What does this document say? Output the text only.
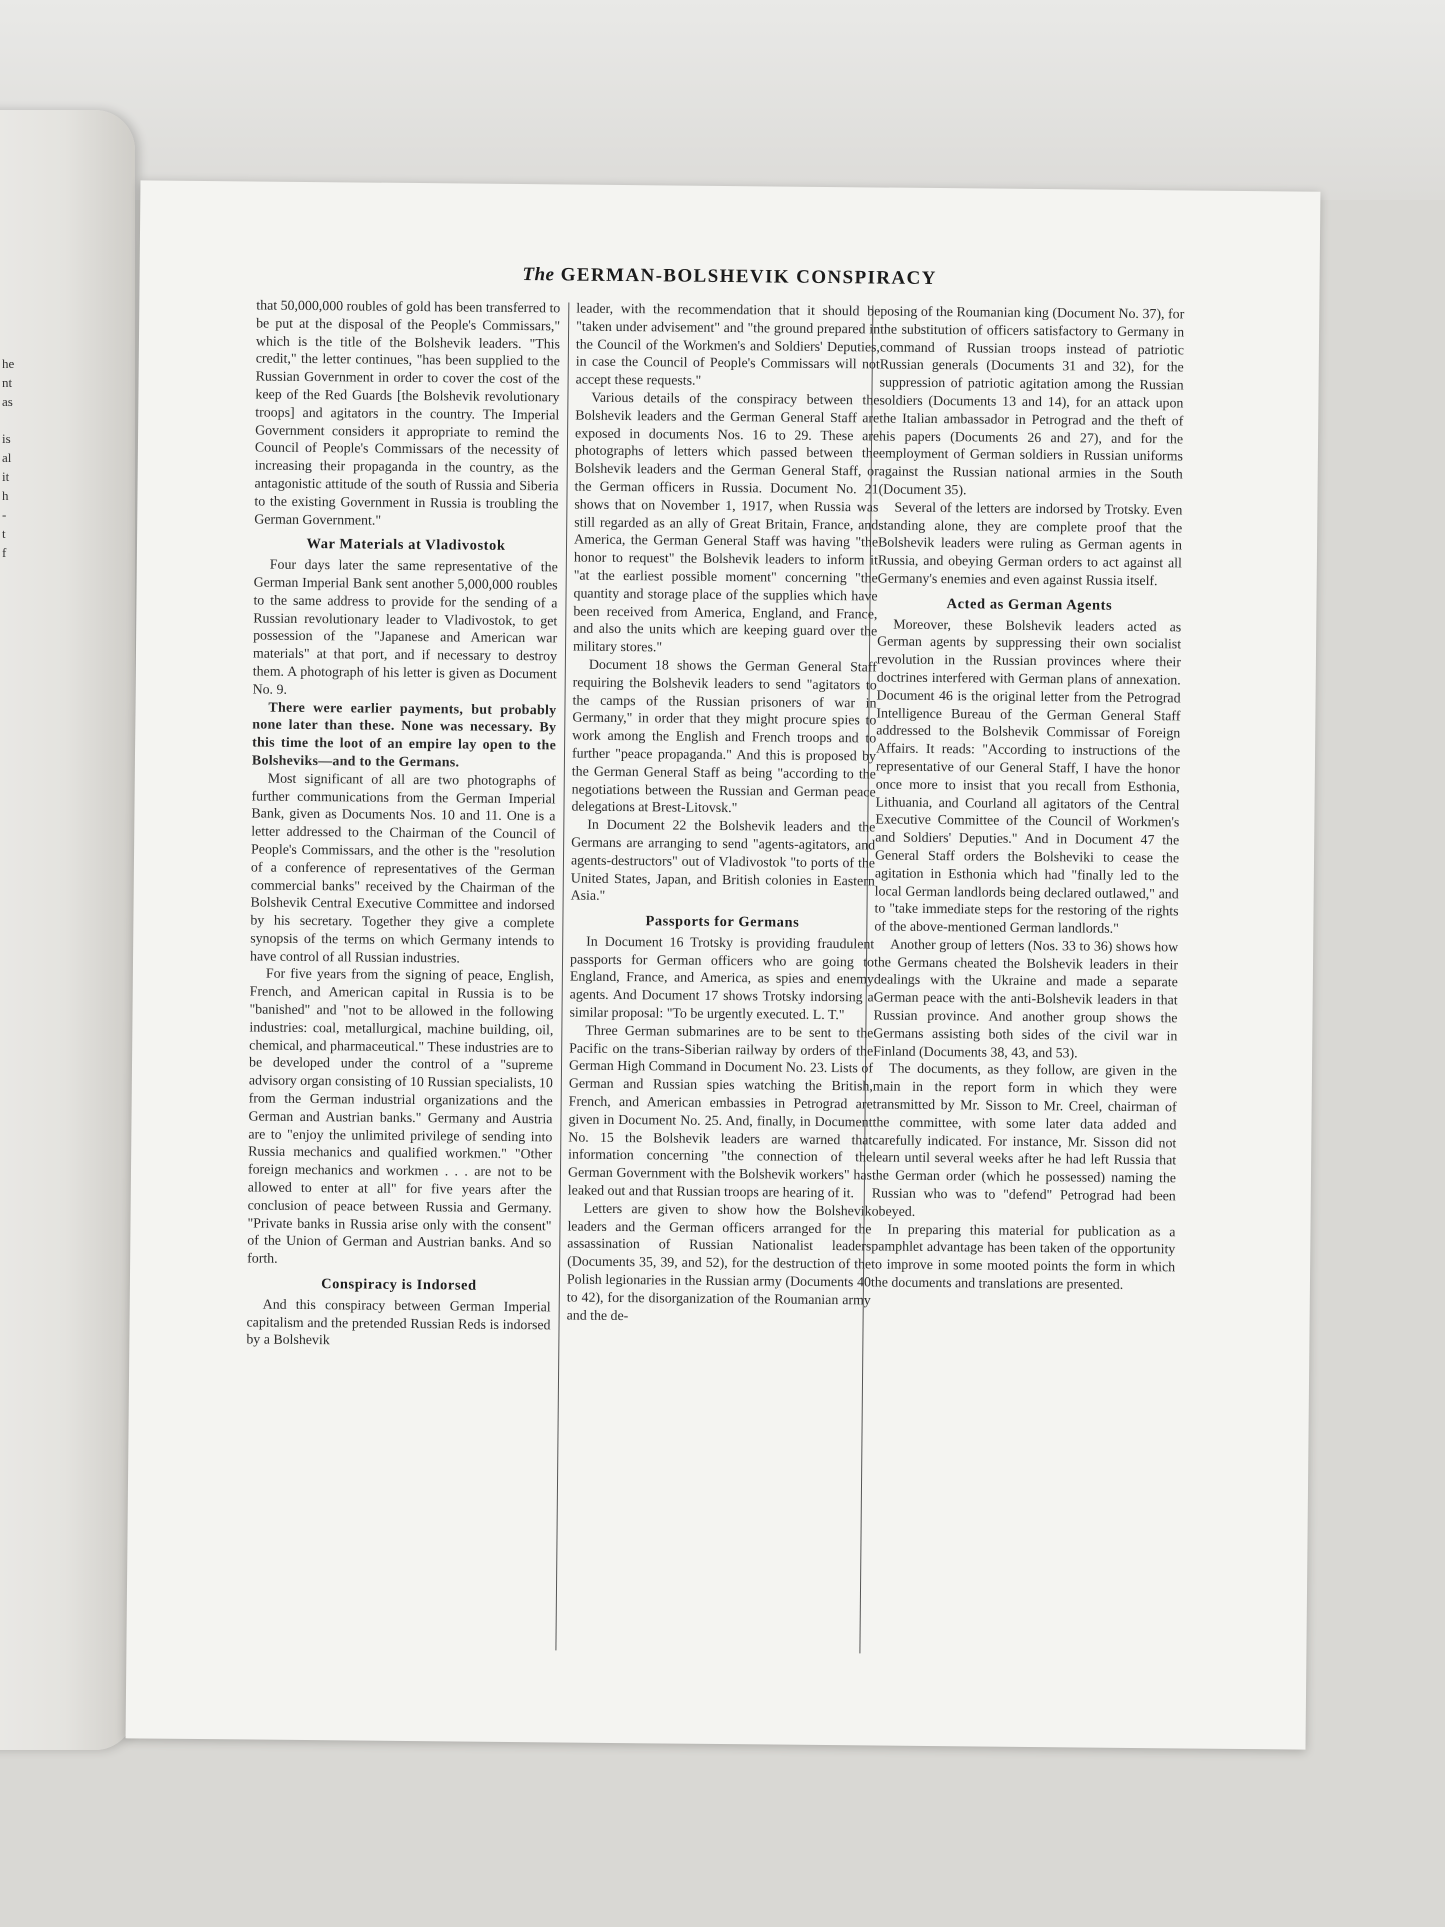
he
nt
as
is
al
it
h
-
t
f
The GERMAN-BOLSHEVIK CONSPIRACY

that 50,000,000 roubles of gold has been transferred to be put at the disposal of the People's Commissars," which is the title of the Bolshevik leaders. "This credit," the letter continues, "has been supplied to the Russian Government in order to cover the cost of the keep of the Red Guards [the Bolshevik revolutionary troops] and agitators in the country. The Imperial Government considers it appropriate to remind the Council of People's Commissars of the necessity of increasing their propaganda in the country, as the antagonistic attitude of the south of Russia and Siberia to the existing Government in Russia is troubling the German Government."

War Materials at Vladivostok

Four days later the same representative of the German Imperial Bank sent another 5,000,000 roubles to the same address to provide for the sending of a Russian revolutionary leader to Vladivostok, to get possession of the "Japanese and American war materials" at that port, and if necessary to destroy them. A photograph of his letter is given as Document No. 9.

There were earlier payments, but probably none later than these. None was necessary. By this time the loot of an empire lay open to the Bolsheviks—and to the Germans.

Most significant of all are two photographs of further communications from the German Imperial Bank, given as Documents Nos. 10 and 11. One is a letter addressed to the Chairman of the Council of People's Commissars, and the other is the "resolution of a conference of representatives of the German commercial banks" received by the Chairman of the Bolshevik Central Executive Committee and indorsed by his secretary. Together they give a complete synopsis of the terms on which Germany intends to have control of all Russian industries.

For five years from the signing of peace, English, French, and American capital in Russia is to be "banished" and "not to be allowed in the following industries: coal, metallurgical, machine building, oil, chemical, and pharmaceutical." These industries are to be developed under the control of a "supreme advisory organ consisting of 10 Russian specialists, 10 from the German industrial organizations and the German and Austrian banks." Germany and Austria are to "enjoy the unlimited privilege of sending into Russia mechanics and qualified workmen." "Other foreign mechanics and workmen . . . are not to be allowed to enter at all" for five years after the conclusion of peace between Russia and Germany. "Private banks in Russia arise only with the consent" of the Union of German and Austrian banks. And so forth.

Conspiracy is Indorsed

And this conspiracy between German Imperial capitalism and the pretended Russian Reds is indorsed by a Bolshevik

leader, with the recommendation that it should be "taken under advisement" and "the ground prepared in the Council of the Workmen's and Soldiers' Deputies, in case the Council of People's Commissars will not accept these requests."

Various details of the conspiracy between the Bolshevik leaders and the German General Staff are exposed in documents Nos. 16 to 29. These are photographs of letters which passed between the Bolshevik leaders and the German General Staff, or the German officers in Russia. Document No. 21 shows that on November 1, 1917, when Russia was still regarded as an ally of Great Britain, France, and America, the German General Staff was having "the honor to request" the Bolshevik leaders to inform it "at the earliest possible moment" concerning "the quantity and storage place of the supplies which have been received from America, England, and France, and also the units which are keeping guard over the military stores."

Document 18 shows the German General Staff requiring the Bolshevik leaders to send "agitators to the camps of the Russian prisoners of war in Germany," in order that they might procure spies to work among the English and French troops and to further "peace propaganda." And this is proposed by the German General Staff as being "according to the negotiations between the Russian and German peace delegations at Brest-Litovsk."

In Document 22 the Bolshevik leaders and the Germans are arranging to send "agents-agitators, and agents-destructors" out of Vladivostok "to ports of the United States, Japan, and British colonies in Eastern Asia."

Passports for Germans

In Document 16 Trotsky is providing fraudulent passports for German officers who are going to England, France, and America, as spies and enemy agents. And Document 17 shows Trotsky indorsing a similar proposal: "To be urgently executed. L. T."

Three German submarines are to be sent to the Pacific on the trans-Siberian railway by orders of the German High Command in Document No. 23. Lists of German and Russian spies watching the British, French, and American embassies in Petrograd are given in Document No. 25. And, finally, in Document No. 15 the Bolshevik leaders are warned that information concerning "the connection of the German Government with the Bolshevik workers" has leaked out and that Russian troops are hearing of it.

Letters are given to show how the Bolshevik leaders and the German officers arranged for the assassination of Russian Nationalist leaders (Documents 35, 39, and 52), for the destruction of the Polish legionaries in the Russian army (Documents 40 to 42), for the disorganization of the Roumanian army and the de-

posing of the Roumanian king (Document No. 37), for the substitution of officers satisfactory to Germany in command of Russian troops instead of patriotic Russian generals (Documents 31 and 32), for the suppression of patriotic agitation among the Russian soldiers (Documents 13 and 14), for an attack upon the Italian ambassador in Petrograd and the theft of his papers (Documents 26 and 27), and for the employment of German soldiers in Russian uniforms against the Russian national armies in the South (Document 35).

Several of the letters are indorsed by Trotsky. Even standing alone, they are complete proof that the Bolshevik leaders were ruling as German agents in Russia, and obeying German orders to act against all Germany's enemies and even against Russia itself.

Acted as German Agents

Moreover, these Bolshevik leaders acted as German agents by suppressing their own socialist revolution in the Russian provinces where their doctrines interfered with German plans of annexation. Document 46 is the original letter from the Petrograd Intelligence Bureau of the German General Staff addressed to the Bolshevik Commissar of Foreign Affairs. It reads: "According to instructions of the representative of our General Staff, I have the honor once more to insist that you recall from Esthonia, Lithuania, and Courland all agitators of the Central Executive Committee of the Council of Workmen's and Soldiers' Deputies." And in Document 47 the General Staff orders the Bolsheviki to cease the agitation in Esthonia which had "finally led to the local German landlords being declared outlawed," and to "take immediate steps for the restoring of the rights of the above-mentioned German landlords."

Another group of letters (Nos. 33 to 36) shows how the Germans cheated the Bolshevik leaders in their dealings with the Ukraine and made a separate German peace with the anti-Bolshevik leaders in that Russian province. And another group shows the Germans assisting both sides of the civil war in Finland (Documents 38, 43, and 53).

The documents, as they follow, are given in the main in the report form in which they were transmitted by Mr. Sisson to Mr. Creel, chairman of the committee, with some later data added and carefully indicated. For instance, Mr. Sisson did not learn until several weeks after he had left Russia that the German order (which he possessed) naming the Russian who was to "defend" Petrograd had been obeyed.

In preparing this material for publication as a pamphlet advantage has been taken of the opportunity to improve in some mooted points the form in which the documents and translations are presented.
